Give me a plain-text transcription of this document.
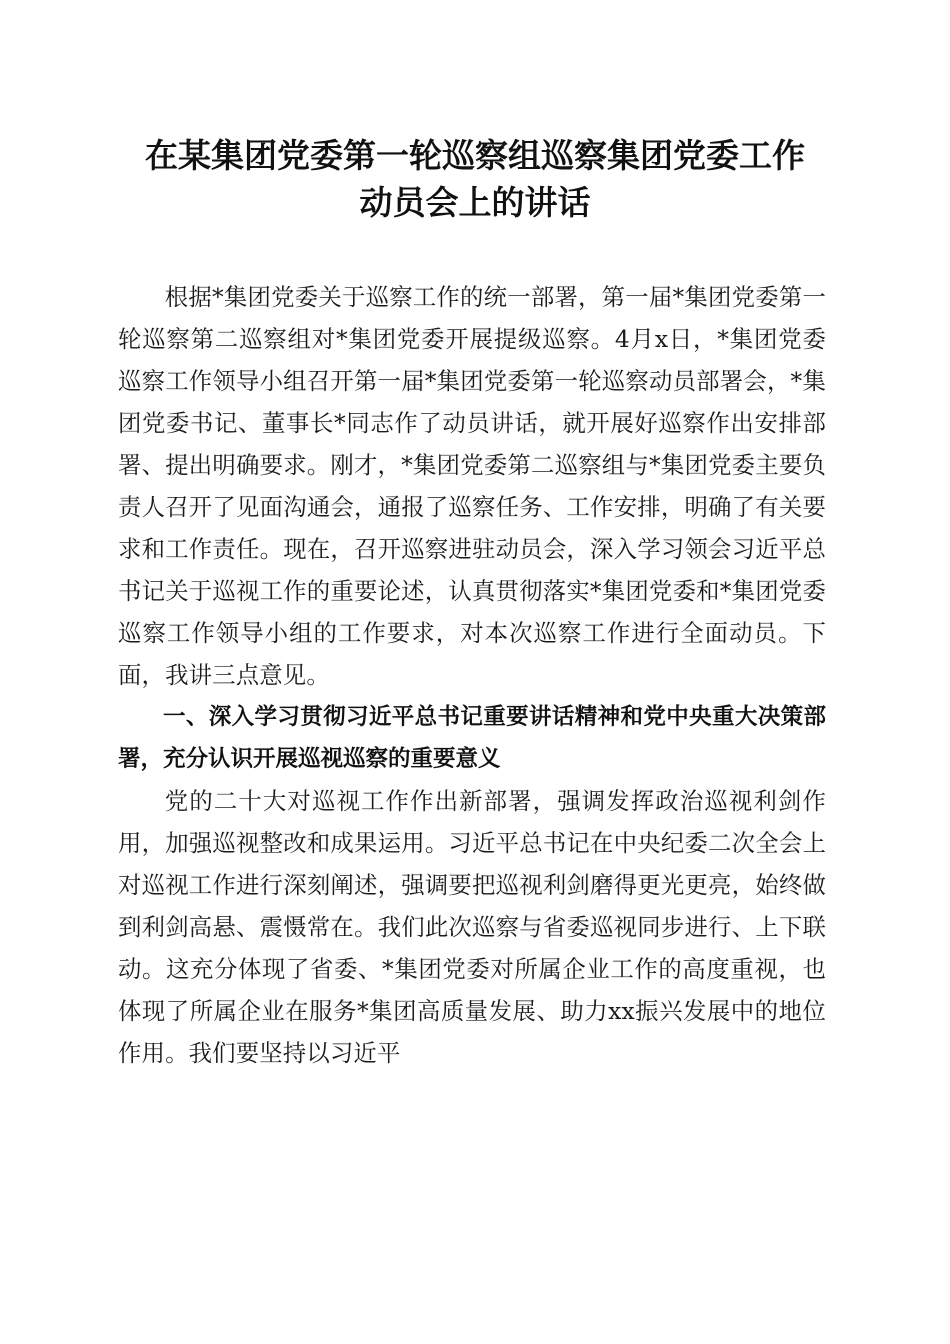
在某集团党委第一轮巡察组巡察集团党委工作
动员会上的讲话

根据*集团党委关于巡察工作的统一部署，第一届*集团党委第一轮巡察第二巡察组对*集团党委开展提级巡察。4月x日，*集团党委巡察工作领导小组召开第一届*集团党委第一轮巡察动员部署会，*集团党委书记、董事长*同志作了动员讲话，就开展好巡察作出安排部署、提出明确要求。刚才，*集团党委第二巡察组与*集团党委主要负责人召开了见面沟通会，通报了巡察任务、工作安排，明确了有关要求和工作责任。现在，召开巡察进驻动员会，深入学习领会习近平总书记关于巡视工作的重要论述，认真贯彻落实*集团党委和*集团党委巡察工作领导小组的工作要求，对本次巡察工作进行全面动员。下面，我讲三点意见。

一、深入学习贯彻习近平总书记重要讲话精神和党中央重大决策部署，充分认识开展巡视巡察的重要意义

党的二十大对巡视工作作出新部署，强调发挥政治巡视利剑作用，加强巡视整改和成果运用。习近平总书记在中央纪委二次全会上对巡视工作进行深刻阐述，强调要把巡视利剑磨得更光更亮，始终做到利剑高悬、震慑常在。我们此次巡察与省委巡视同步进行、上下联动。这充分体现了省委、*集团党委对所属企业工作的高度重视，也体现了所属企业在服务*集团高质量发展、助力xx振兴发展中的地位作用。我们要坚持以习近平
